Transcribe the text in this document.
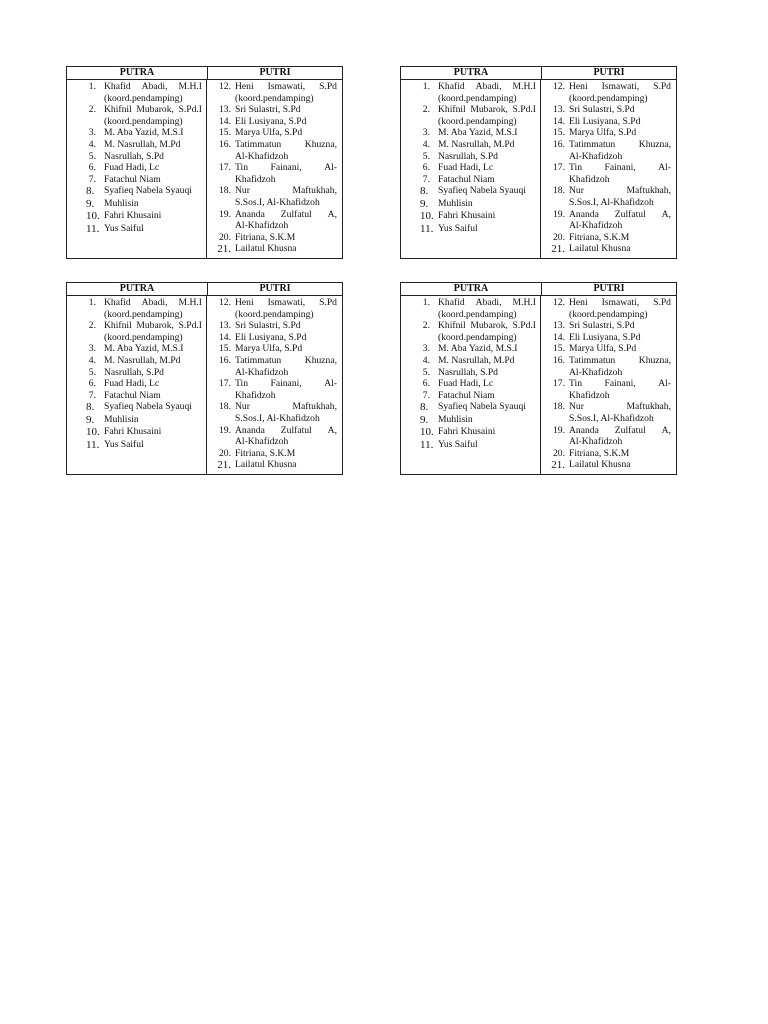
PUTRA	PUTRI
1. Khafid Abadi, M.H.I
(koord.pendamping)
2. Khifnil Mubarok, S.Pd.I
(koord.pendamping)
3. M. Aba Yazid, M.S.I
4. M. Nasrullah, M.Pd
5. Nasrullah, S.Pd
6. Fuad Hadi, Lc
7. Fatachul Niam
8. Syafieq Nabela Syauqi
9. Muhlisin
10. Fahri Khusaini
11. Yus Saiful
12. Heni Ismawati, S.Pd
(koord.pendamping)
13. Sri Sulastri, S.Pd
14. Eli Lusiyana, S.Pd
15. Marya Ulfa, S.Pd
16. Tatimmatun Khuzna,
Al-Khafidzoh
17. Tin Fainani, Al-
Khafidzoh
18. Nur	Maftukhah,
S.Sos.I, Al-Khafidzoh
19. Ananda Zulfatul A,
Al-Khafidzoh
20. Fitriana, S.K.M
21. Lailatul Khusna
PUTRA	PUTRI
1. Khafid Abadi, M.H.I
(koord.pendamping)
2. Khifnil Mubarok, S.Pd.I
(koord.pendamping)
3. M. Aba Yazid, M.S.I
4. M. Nasrullah, M.Pd
5. Nasrullah, S.Pd
6. Fuad Hadi, Lc
7. Fatachul Niam
8. Syafieq Nabela Syauqi
9. Muhlisin
10. Fahri Khusaini
11. Yus Saiful
12. Heni Ismawati, S.Pd
(koord.pendamping)
13. Sri Sulastri, S.Pd
14. Eli Lusiyana, S.Pd
15. Marya Ulfa, S.Pd
16. Tatimmatun Khuzna,
Al-Khafidzoh
17. Tin Fainani, Al-
Khafidzoh
18. Nur	Maftukhah,
S.Sos.I, Al-Khafidzoh
19. Ananda Zulfatul A,
Al-Khafidzoh
20. Fitriana, S.K.M
21. Lailatul Khusna
PUTRA	PUTRI
1. Khafid Abadi, M.H.I
(koord.pendamping)
2. Khifnil Mubarok, S.Pd.I
(koord.pendamping)
3. M. Aba Yazid, M.S.I
4. M. Nasrullah, M.Pd
5. Nasrullah, S.Pd
6. Fuad Hadi, Lc
7. Fatachul Niam
8. Syafieq Nabela Syauqi
9. Muhlisin
10. Fahri Khusaini
11. Yus Saiful
12. Heni Ismawati, S.Pd
(koord.pendamping)
13. Sri Sulastri, S.Pd
14. Eli Lusiyana, S.Pd
15. Marya Ulfa, S.Pd
16. Tatimmatun Khuzna,
Al-Khafidzoh
17. Tin Fainani, Al-
Khafidzoh
18. Nur	Maftukhah,
S.Sos.I, Al-Khafidzoh
19. Ananda Zulfatul A,
Al-Khafidzoh
20. Fitriana, S.K.M
21. Lailatul Khusna
PUTRA	PUTRI
1. Khafid Abadi, M.H.I
(koord.pendamping)
2. Khifnil Mubarok, S.Pd.I
(koord.pendamping)
3. M. Aba Yazid, M.S.I
4. M. Nasrullah, M.Pd
5. Nasrullah, S.Pd
6. Fuad Hadi, Lc
7. Fatachul Niam
8. Syafieq Nabela Syauqi
9. Muhlisin
10. Fahri Khusaini
11. Yus Saiful
12. Heni Ismawati, S.Pd
(koord.pendamping)
13. Sri Sulastri, S.Pd
14. Eli Lusiyana, S.Pd
15. Marya Ulfa, S.Pd
16. Tatimmatun Khuzna,
Al-Khafidzoh
17. Tin Fainani, Al-
Khafidzoh
18. Nur	Maftukhah,
S.Sos.I, Al-Khafidzoh
19. Ananda Zulfatul A,
Al-Khafidzoh
20. Fitriana, S.K.M
21. Lailatul Khusna
